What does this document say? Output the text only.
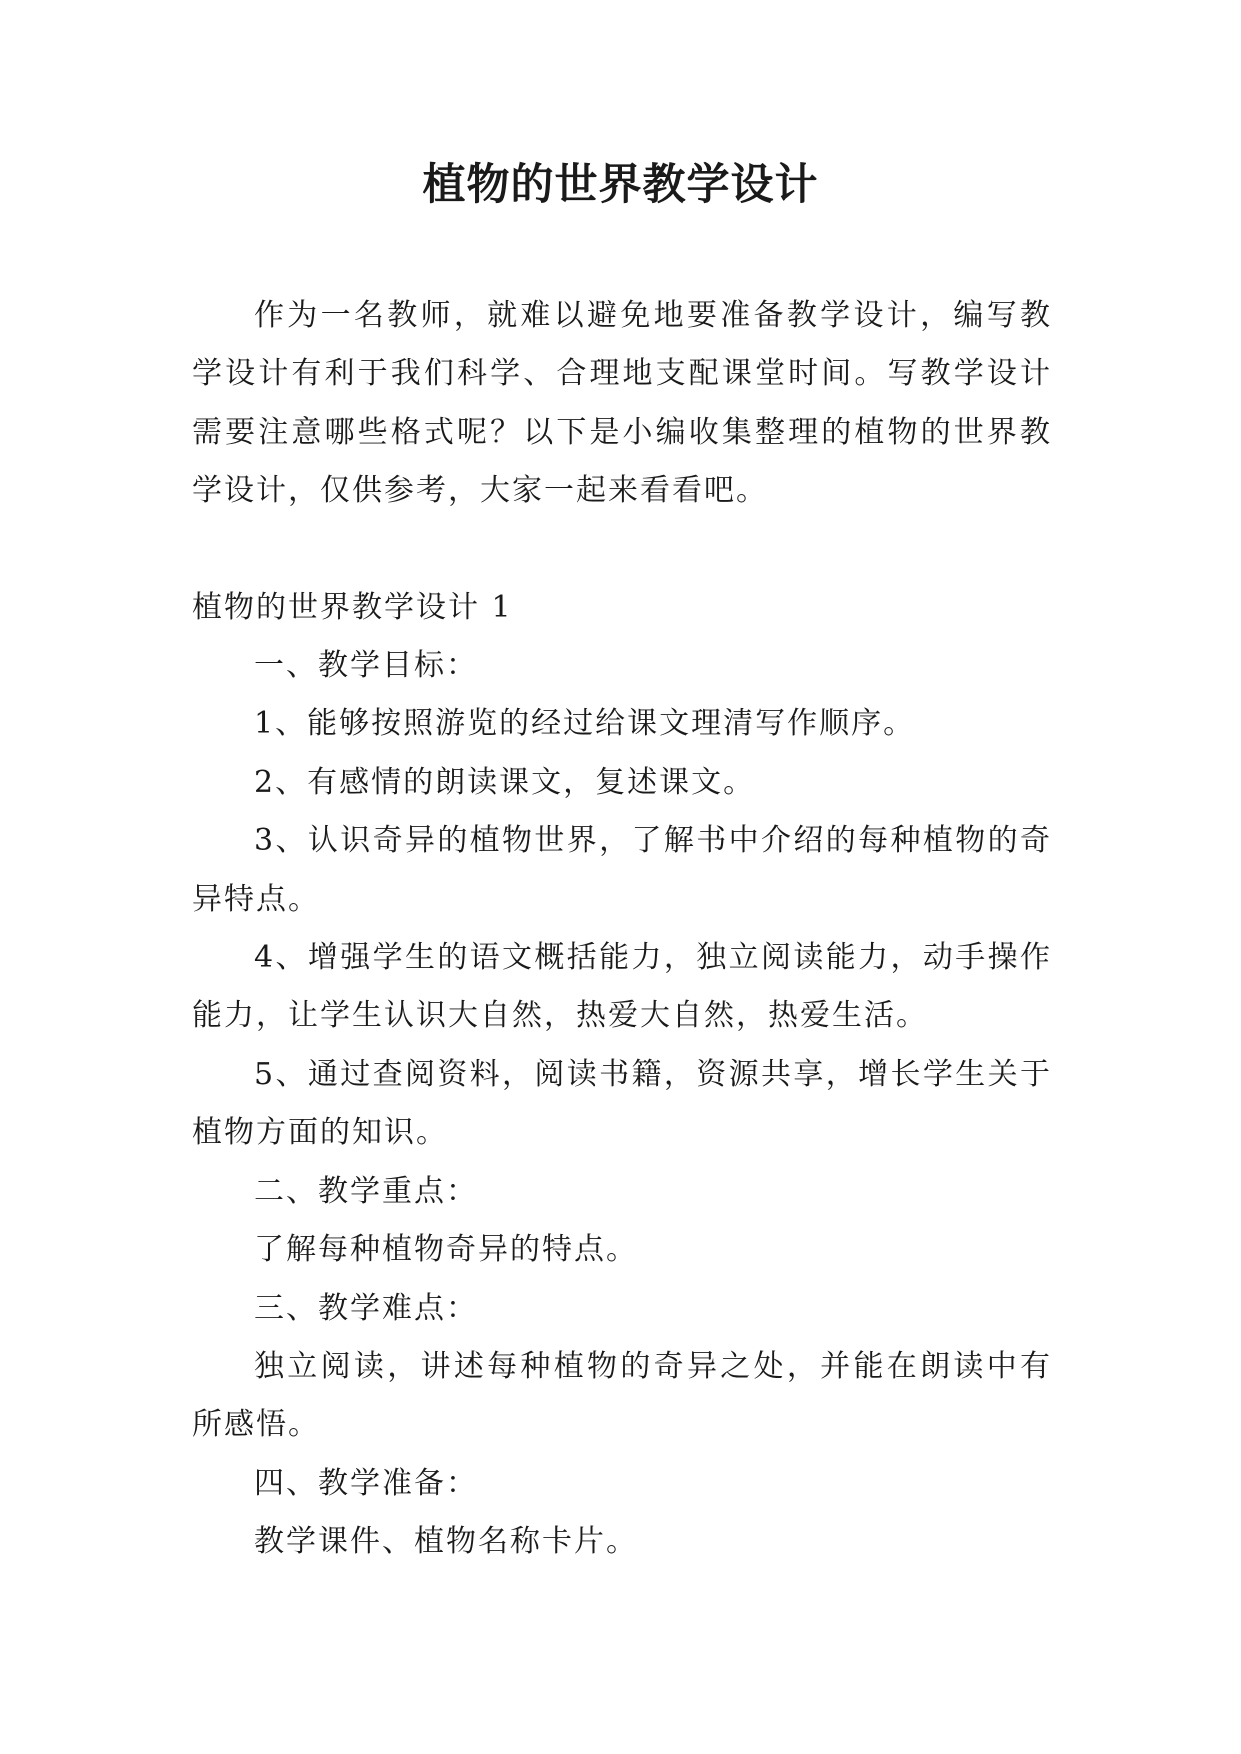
植物的世界教学设计

作为一名教师，就难以避免地要准备教学设计，编写教学设计有利于我们科学、合理地支配课堂时间。写教学设计需要注意哪些格式呢？以下是小编收集整理的植物的世界教学设计，仅供参考，大家一起来看看吧。

植物的世界教学设计 1

一、教学目标：

1、能够按照游览的经过给课文理清写作顺序。

2、有感情的朗读课文，复述课文。

3、认识奇异的植物世界，了解书中介绍的每种植物的奇异特点。

4、增强学生的语文概括能力，独立阅读能力，动手操作能力，让学生认识大自然，热爱大自然，热爱生活。

5、通过查阅资料，阅读书籍，资源共享，增长学生关于植物方面的知识。

二、教学重点：

了解每种植物奇异的特点。

三、教学难点：

独立阅读，讲述每种植物的奇异之处，并能在朗读中有所感悟。

四、教学准备：

教学课件、植物名称卡片。
